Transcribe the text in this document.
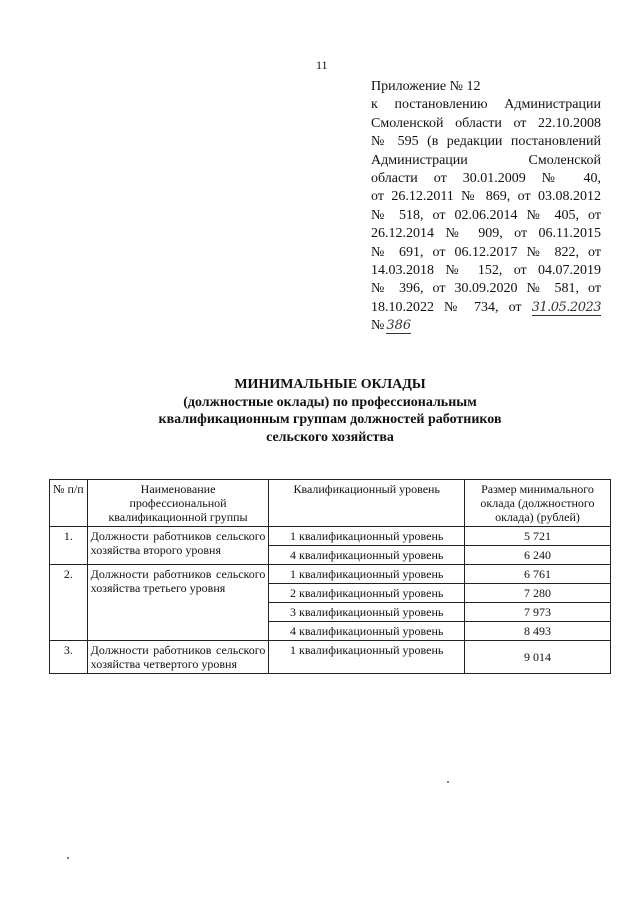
11
Приложение № 12
к постановлению Администрации
Смоленской области от 22.10.2008
№ 595 (в редакции постановлений
Администрации Смоленской
области от 30.01.2009 № 40,
от 26.12.2011 № 869, от 03.08.2012
№ 518, от 02.06.2014 № 405, от
26.12.2014 № 909, от 06.11.2015
№ 691, от 06.12.2017 № 822, от
14.03.2018 № 152, от 04.07.2019
№ 396, от 30.09.2020 № 581, от
18.10.2022 № 734, от 31.05.2023
№ 386
МИНИМАЛЬНЫЕ ОКЛАДЫ
(должностные оклады) по профессиональным
квалификационным группам должностей работников
сельского хозяйства
№ п/п	Наименование профессиональной квалификационной группы	Квалификационный уровень	Размер минимального оклада (должностного оклада) (рублей)
1.	Должности работников сельского хозяйства второго уровня	1 квалификационный уровень	5 721
		4 квалификационный уровень	6 240
2.	Должности работников сельского хозяйства третьего уровня	1 квалификационный уровень	6 761
		2 квалификационный уровень	7 280
		3 квалификационный уровень	7 973
		4 квалификационный уровень	8 493
3.	Должности работников сельского хозяйства четвертого уровня	1 квалификационный уровень	9 014
